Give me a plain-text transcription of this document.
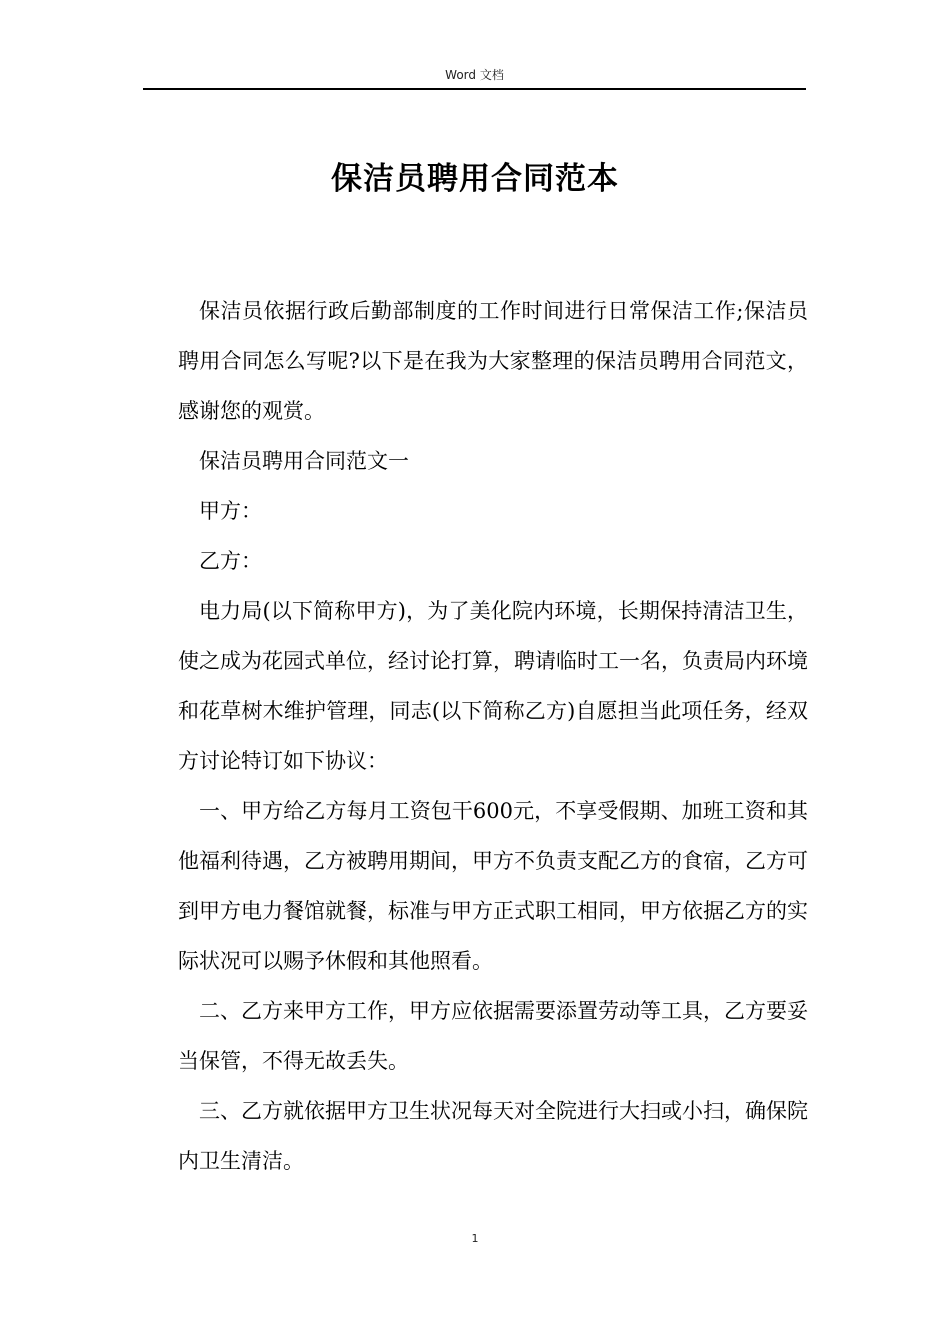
Word 文档
保洁员聘用合同范本

保洁员依据行政后勤部制度的工作时间进行日常保洁工作;保洁员聘用合同怎么写呢?以下是在我为大家整理的保洁员聘用合同范文，感谢您的观赏。

保洁员聘用合同范文一

甲方：

乙方：

电力局(以下简称甲方)，为了美化院内环境，长期保持清洁卫生，使之成为花园式单位，经讨论打算，聘请临时工一名，负责局内环境和花草树木维护管理，同志(以下简称乙方)自愿担当此项任务，经双方讨论特订如下协议：

一、甲方给乙方每月工资包干600元，不享受假期、加班工资和其他福利待遇，乙方被聘用期间，甲方不负责支配乙方的食宿，乙方可到甲方电力餐馆就餐，标准与甲方正式职工相同，甲方依据乙方的实际状况可以赐予休假和其他照看。

二、乙方来甲方工作，甲方应依据需要添置劳动等工具，乙方要妥当保管，不得无故丢失。

三、乙方就依据甲方卫生状况每天对全院进行大扫或小扫，确保院内卫生清洁。

1
